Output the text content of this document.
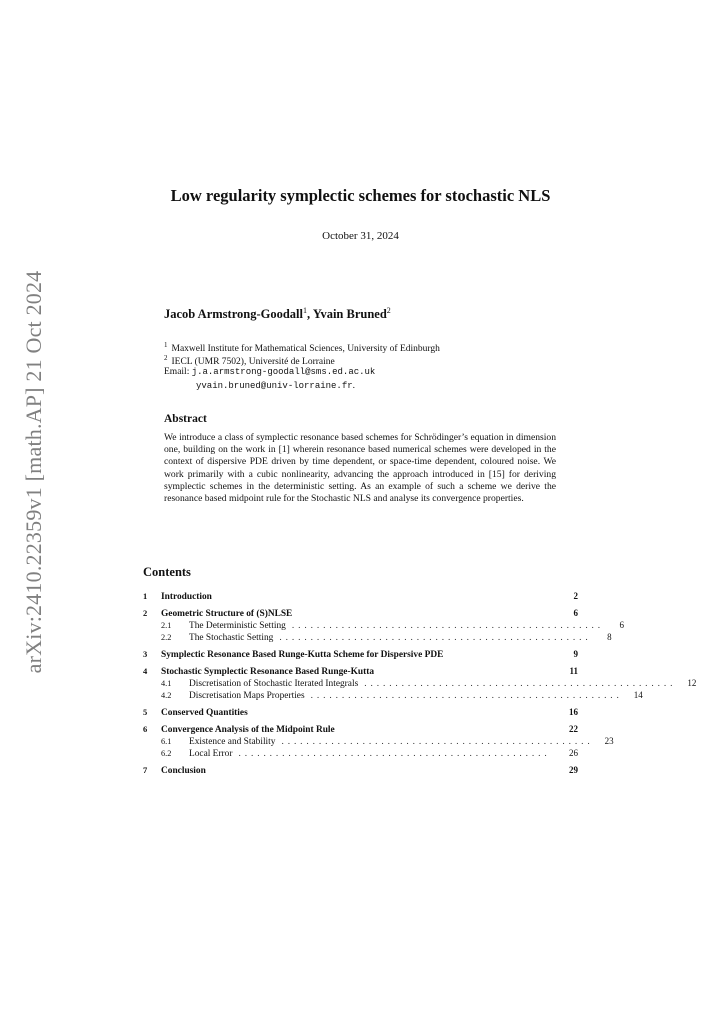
arXiv:2410.22359v1 [math.AP] 21 Oct 2024
Low regularity symplectic schemes for stochastic NLS
October 31, 2024
Jacob Armstrong-Goodall$^1$, Yvain Bruned$^2$
$^1$ Maxwell Institute for Mathematical Sciences, University of Edinburgh
$^2$ IECL (UMR 7502), Université de Lorraine
Email: j.a.armstrong-goodall@sms.ed.ac.uk
yvain.bruned@univ-lorraine.fr.
Abstract
We introduce a class of symplectic resonance based schemes for Schrödinger’s equation in dimension one, building on the work in [1] wherein resonance based numerical schemes were developed in the context of dispersive PDE driven by time dependent, or space-time dependent, coloured noise. We work primarily with a cubic nonlinearity, advancing the approach introduced in [15] for deriving symplectic schemes in the deterministic setting. As an example of such a scheme we derive the resonance based midpoint rule for the Stochastic NLS and analyse its convergence properties.
Contents
1	Introduction	2
2	Geometric Structure of (S)NLSE	6
2.1	The Deterministic Setting ..................................................	6
2.2	The Stochastic Setting ..................................................	8
3	Symplectic Resonance Based Runge-Kutta Scheme for Dispersive PDE	9
4	Stochastic Symplectic Resonance Based Runge-Kutta	11
4.1	Discretisation of Stochastic Iterated Integrals ..................................................	12
4.2	Discretisation Maps Properties ..................................................	14
5	Conserved Quantities	16
6	Convergence Analysis of the Midpoint Rule	22
6.1	Existence and Stability ..................................................	23
6.2	Local Error ..................................................	26
7	Conclusion	29
